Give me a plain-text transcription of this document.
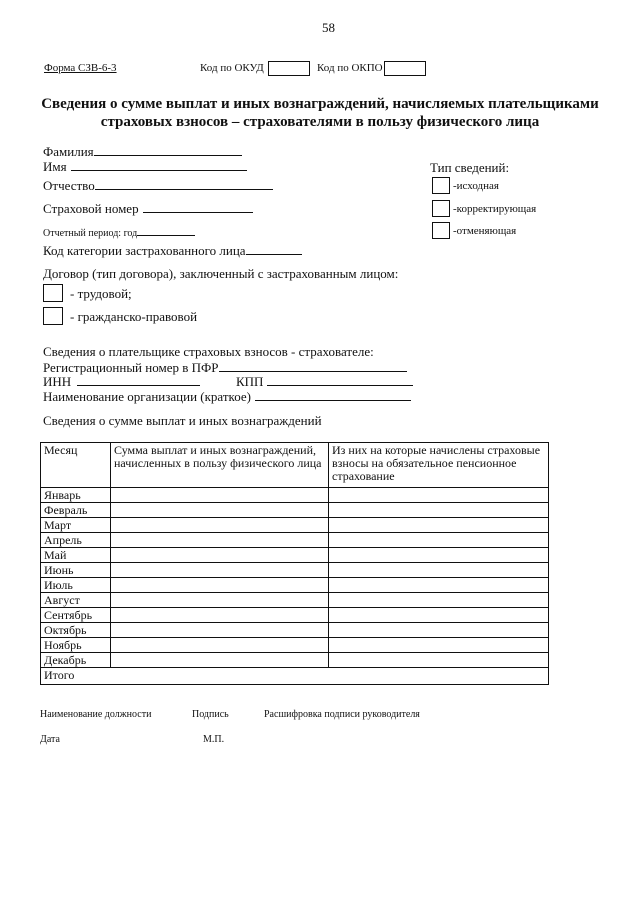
58
Форма СЗВ-6-3	Код по ОКУД	Код по ОКПО
Сведения о сумме выплат и иных вознаграждений, начисляемых плательщиками
страховых взносов – страхователями в пользу физического лица
Фамилия
Имя
Отчество
Страховой номер
Отчетный период: год
Код категории застрахованного лица
Тип сведений:
-исходная
-корректирующая
-отменяющая
Договор (тип договора), заключенный с застрахованным лицом:
- трудовой;
- гражданско-правовой
Сведения о плательщике страховых взносов - страхователе:
Регистрационный номер в ПФР
ИНН	КПП
Наименование организации (краткое)
Сведения о сумме выплат и иных вознаграждений
Месяц	Сумма выплат и иных вознаграждений, начисленных в пользу физического лица	Из них на которые начислены страховые взносы на обязательное пенсионное страхование
Январь		
Февраль		
Март		
Апрель		
Май		
Июнь		
Июль		
Август		
Сентябрь		
Октябрь		
Ноябрь		
Декабрь		
Итого		
Наименование должности	Подпись	Расшифровка подписи руководителя
Дата	М.П.
